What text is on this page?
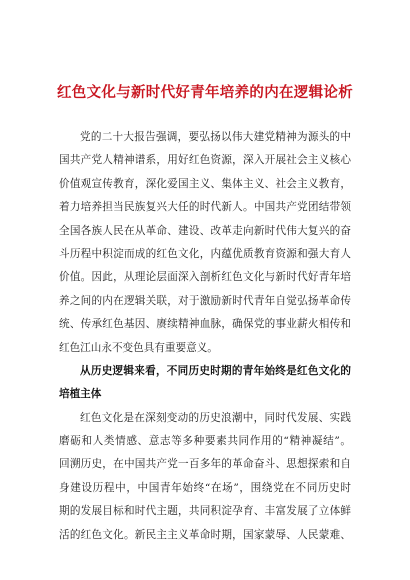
红色文化与新时代好青年培养的内在逻辑论析
党的二十大报告强调，要弘扬以伟大建党精神为源头的中
国共产党人精神谱系，用好红色资源，深入开展社会主义核心
价值观宣传教育，深化爱国主义、集体主义、社会主义教育，
着力培养担当民族复兴大任的时代新人。中国共产党团结带领
全国各族人民在从革命、建设、改革走向新时代伟大复兴的奋
斗历程中积淀而成的红色文化，内蕴优质教育资源和强大育人
价值。因此，从理论层面深入剖析红色文化与新时代好青年培
养之间的内在逻辑关联，对于激励新时代青年自觉弘扬革命传
统、传承红色基因、赓续精神血脉，确保党的事业薪火相传和
红色江山永不变色具有重要意义。
从历史逻辑来看，不同历史时期的青年始终是红色文化的
培植主体
红色文化是在深刻变动的历史浪潮中，同时代发展、实践
磨砺和人类情感、意志等多种要素共同作用的“精神凝结”。
回溯历史，在中国共产党一百多年的革命奋斗、思想探索和自
身建设历程中，中国青年始终“在场”，围绕党在不同历史时
期的发展目标和时代主题，共同积淀孕育、丰富发展了立体鲜
活的红色文化。新民主主义革命时期，国家蒙辱、人民蒙难、
